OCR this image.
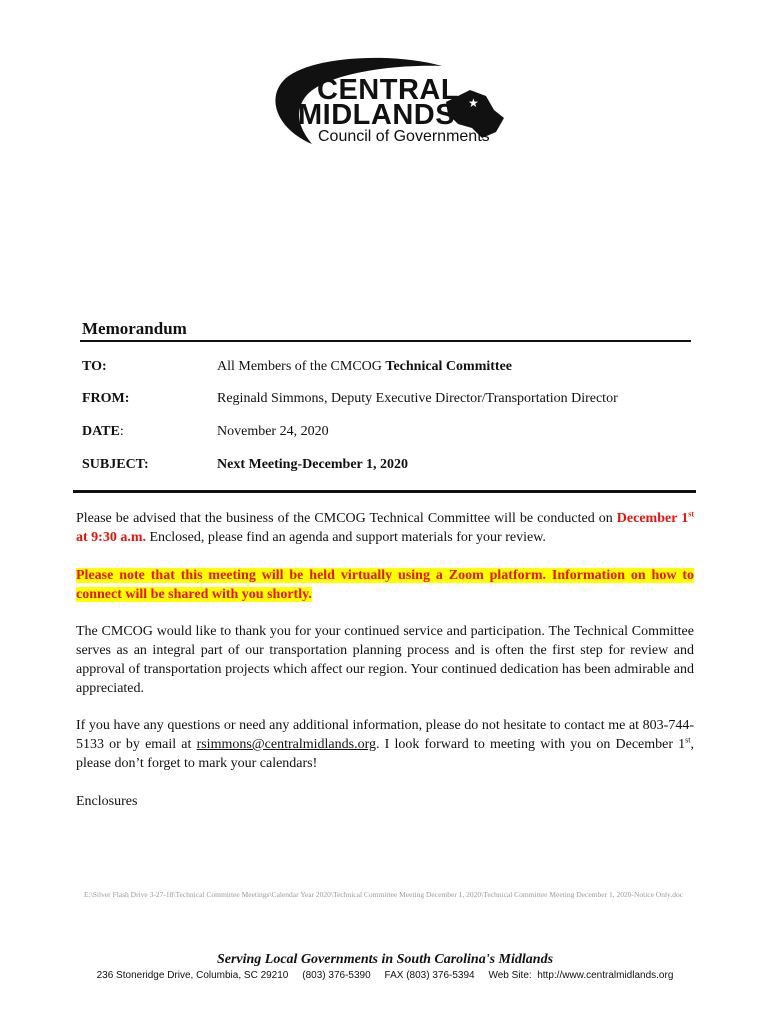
CENTRAL
MIDLANDS
Council of Governments
★
Memorandum
TO:	All Members of the CMCOG Technical Committee
FROM:	Reginald Simmons, Deputy Executive Director/Transportation Director
DATE:	November 24, 2020
SUBJECT:	Next Meeting-December 1, 2020
Please be advised that the business of the CMCOG Technical Committee will be conducted on December 1st at 9:30 a.m. Enclosed, please find an agenda and support materials for your review.
Please note that this meeting will be held virtually using a Zoom platform. Information on how to connect will be shared with you shortly.
The CMCOG would like to thank you for your continued service and participation. The Technical Committee serves as an integral part of our transportation planning process and is often the first step for review and approval of transportation projects which affect our region. Your continued dedication has been admirable and appreciated.
If you have any questions or need any additional information, please do not hesitate to contact me at 803-744-5133 or by email at rsimmons@centralmidlands.org. I look forward to meeting with you on December 1st, please don’t forget to mark your calendars!
Enclosures
E:\Silver Flash Drive 3-27-18\Technical Committee Meetings\Calendar Year 2020\Technical Committee Meeting December 1, 2020\Technical Committee Meeting December 1, 2020-Notice Only.doc
Serving Local Governments in South Carolina's Midlands
236 Stoneridge Drive, Columbia, SC 29210     (803) 376-5390     FAX (803) 376-5394     Web Site:  http://www.centralmidlands.org
